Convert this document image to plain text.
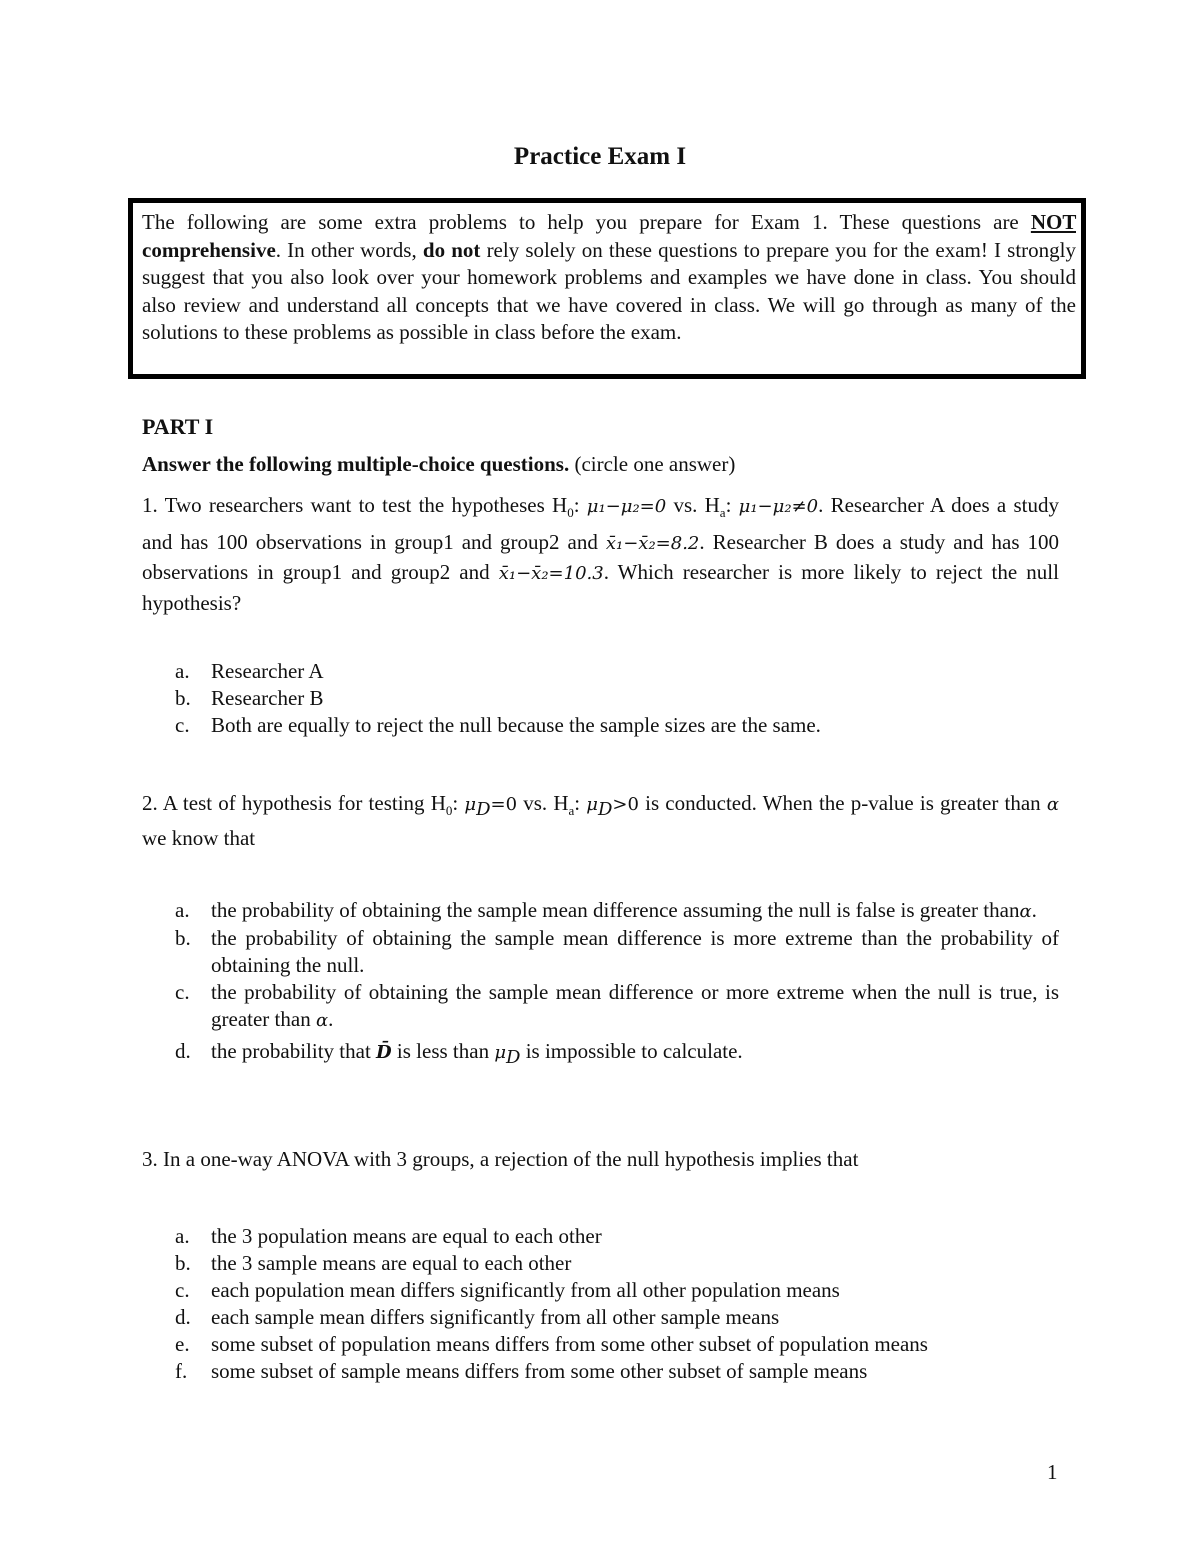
Practice Exam I
The following are some extra problems to help you prepare for Exam 1. These questions are NOT comprehensive. In other words, do not rely solely on these questions to prepare you for the exam! I strongly suggest that you also look over your homework problems and examples we have done in class. You should also review and understand all concepts that we have covered in class. We will go through as many of the solutions to these problems as possible in class before the exam.
PART I
Answer the following multiple-choice questions. (circle one answer)
1. Two researchers want to test the hypotheses $H_0$: μ₁−μ₂=0 vs. $H_a$: μ₁−μ₂≠0. Researcher A does a study and has 100 observations in group1 and group2 and x̄₁−x̄₂=8.2. Researcher B does a study and has 100 observations in group1 and group2 and x̄₁−x̄₂=10.3. Which researcher is more likely to reject the null hypothesis?
a.	Researcher A
b. Researcher B
c.	Both are equally to reject the null because the sample sizes are the same.
2. A test of hypothesis for testing $H_0$: $\mu_D=0$ vs. $H_a$: $\mu_D>0$ is conducted. When the p-value is greater than α we know that
a.	the probability of obtaining the sample mean difference assuming the null is false is greater thanα.
b. the probability of obtaining the sample mean difference is more extreme than the probability of obtaining the null.
c.	the probability of obtaining the sample mean difference or more extreme when the null is true, is greater than α.
d. the probability that D̄ is less than $\mu_D$ is impossible to calculate.
3. In a one-way ANOVA with 3 groups, a rejection of the null hypothesis implies that
a.	the 3 population means are equal to each other
b. the 3 sample means are equal to each other
c.	each population mean differs significantly from all other population means
d. each sample mean differs significantly from all other sample means
e.	some subset of population means differs from some other subset of population means
f.	some subset of sample means differs from some other subset of sample means
1
